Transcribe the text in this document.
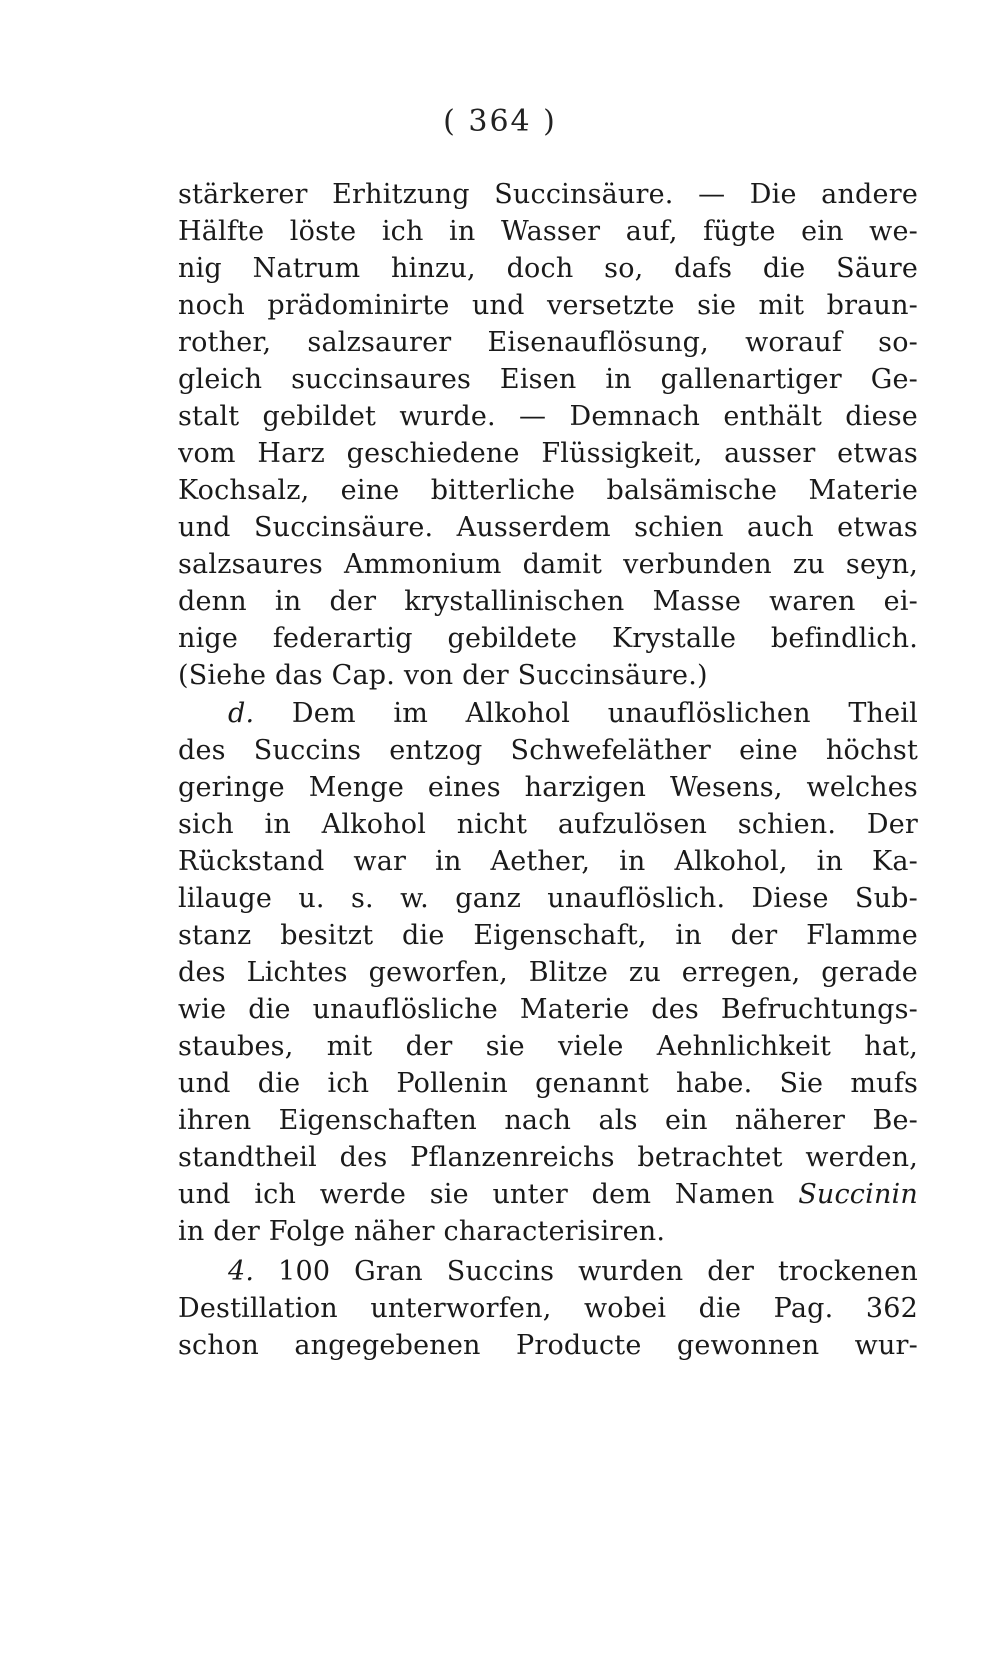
( 364 )
stärkerer Erhitzung Succinsäure. — Die andere
Hälfte löste ich in Wasser auf, fügte ein we-
nig Natrum hinzu, doch so, dafs die Säure
noch prädominirte und versetzte sie mit braun-
rother, salzsaurer Eisenauflösung, worauf so-
gleich succinsaures Eisen in gallenartiger Ge-
stalt gebildet wurde. — Demnach enthält diese
vom Harz geschiedene Flüssigkeit, ausser etwas
Kochsalz, eine bitterliche balsämische Materie
und Succinsäure. Ausserdem schien auch etwas
salzsaures Ammonium damit verbunden zu seyn,
denn in der krystallinischen Masse waren ei-
nige federartig gebildete Krystalle befindlich.
(Siehe das Cap. von der Succinsäure.)
d. Dem im Alkohol unauflöslichen Theil
des Succins entzog Schwefeläther eine höchst
geringe Menge eines harzigen Wesens, welches
sich in Alkohol nicht aufzulösen schien. Der
Rückstand war in Aether, in Alkohol, in Ka-
lilauge u. s. w. ganz unauflöslich. Diese Sub-
stanz besitzt die Eigenschaft, in der Flamme
des Lichtes geworfen, Blitze zu erregen, gerade
wie die unauflösliche Materie des Befruchtungs-
staubes, mit der sie viele Aehnlichkeit hat,
und die ich Pollenin genannt habe. Sie mufs
ihren Eigenschaften nach als ein näherer Be-
standtheil des Pflanzenreichs betrachtet werden,
und ich werde sie unter dem Namen Succinin
in der Folge näher characterisiren.
4. 100 Gran Succins wurden der trockenen
Destillation unterworfen, wobei die Pag. 362
schon angegebenen Producte gewonnen wur-
